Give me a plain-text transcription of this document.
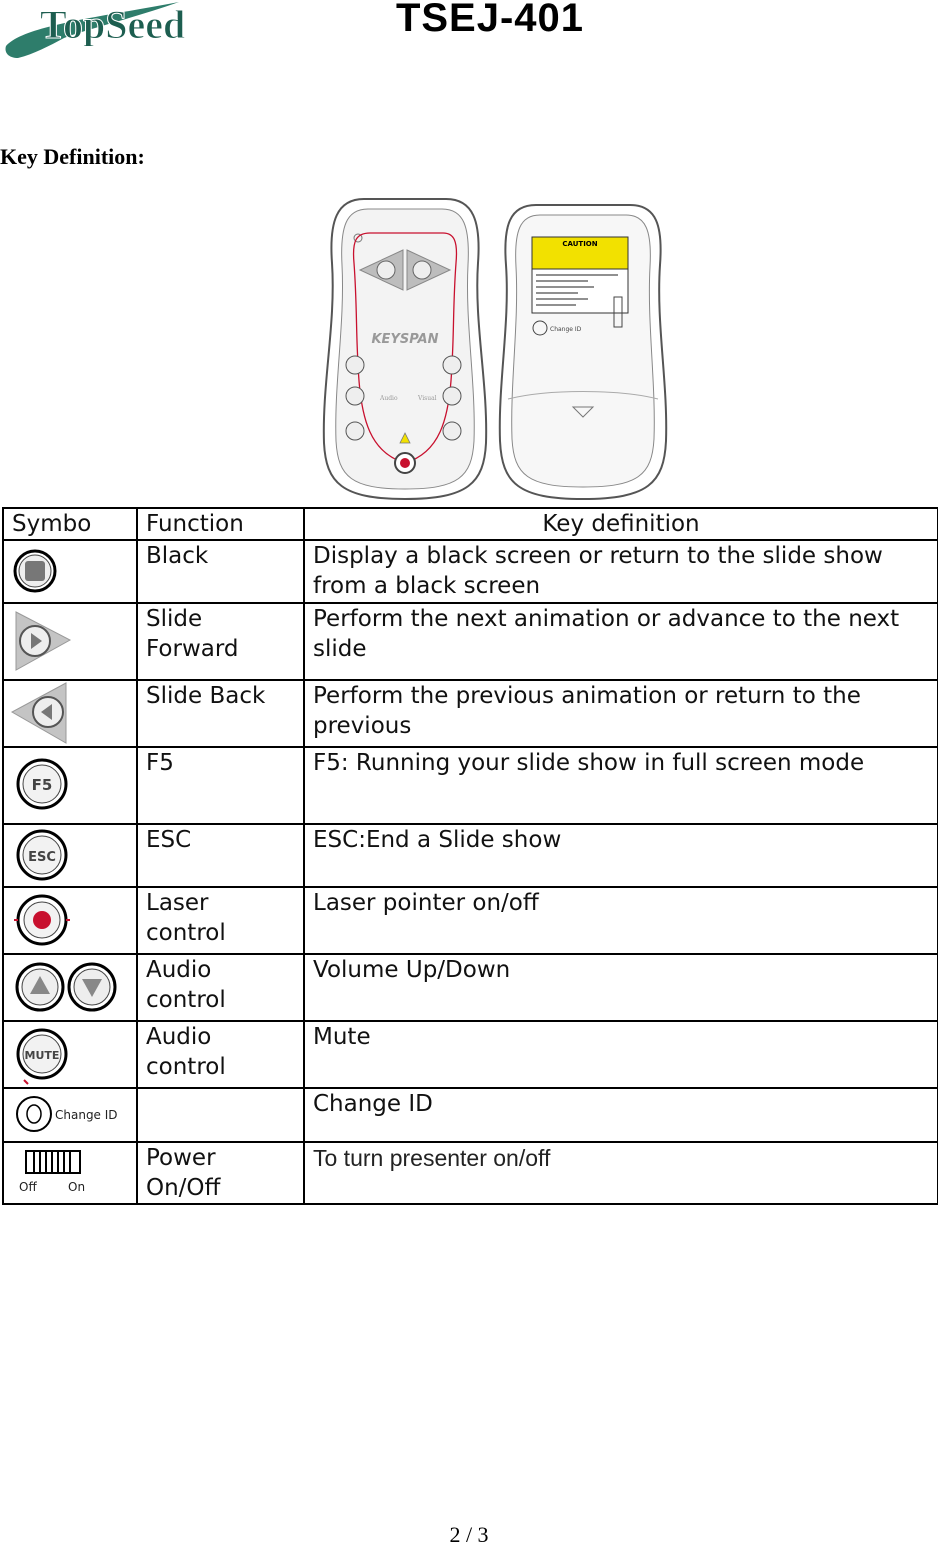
TopSeed	TSEJ-401
Key Definition:
KEYSPAN
Audio	Visual
CAUTION
Change ID
Symbo	Function	Key definition

	Black	Display a black screen or return to the slide show from a black screen

	Slide Forward	Perform the next animation or advance to the next slide

	Slide Back	Perform the previous animation or return to the previous

F5	F5	F5: Running your slide show in full screen mode

ESC	ESC	ESC:End a Slide show

	Laser control	Laser pointer on/off

	Audio control	Volume Up/Down

MUTE	Audio control	Mute

Change ID		Change ID

Off On	Power On/Off	To turn presenter on/off
2 / 3
